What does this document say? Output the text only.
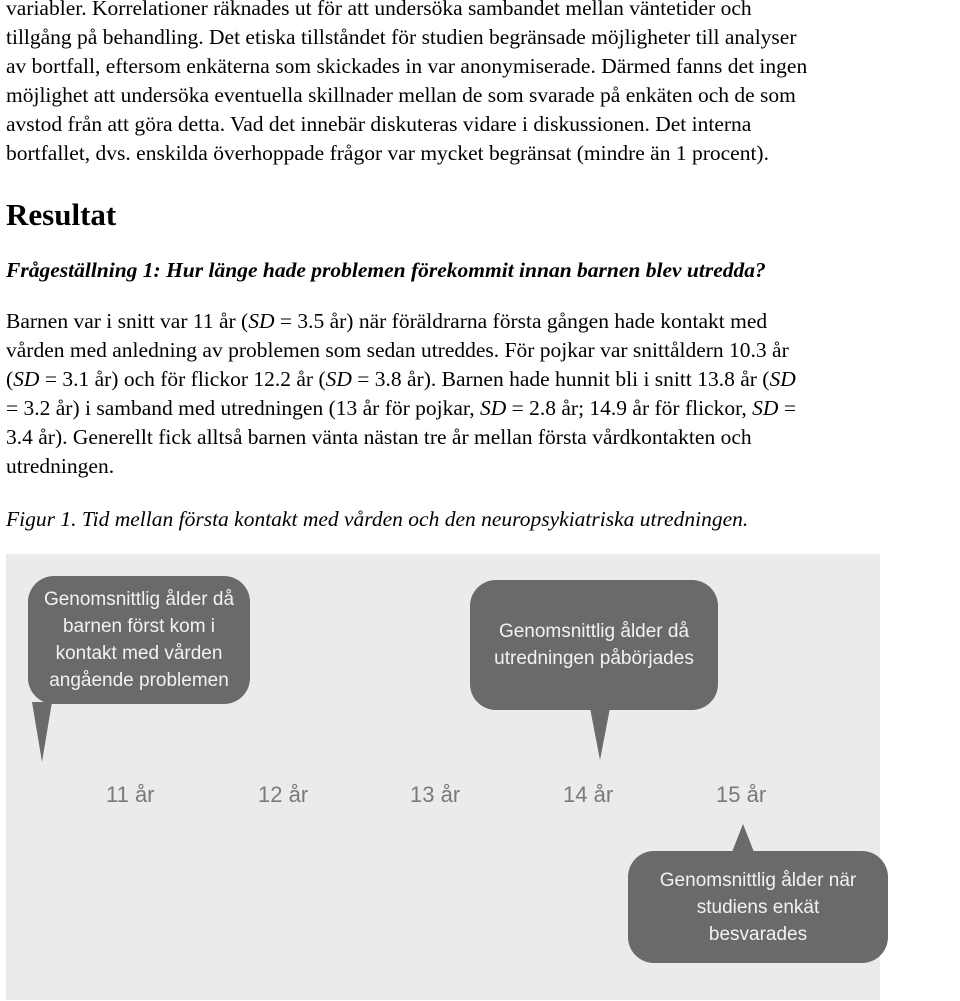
variabler. Korrelationer räknades ut för att undersöka sambandet mellan väntetider och

tillgång på behandling. Det etiska tillståndet för studien begränsade möjligheter till analyser

av bortfall, eftersom enkäterna som skickades in var anonymiserade. Därmed fanns det ingen

möjlighet att undersöka eventuella skillnader mellan de som svarade på enkäten och de som

avstod från att göra detta. Vad det innebär diskuteras vidare i diskussionen. Det interna

bortfallet, dvs. enskilda överhoppade frågor var mycket begränsat (mindre än 1 procent).

Resultat

Frågeställning 1: Hur länge hade problemen förekommit innan barnen blev utredda?

Barnen var i snitt var 11 år (SD = 3.5 år) när föräldrarna första gången hade kontakt med

vården med anledning av problemen som sedan utreddes. För pojkar var snittåldern 10.3 år

(SD = 3.1 år) och för flickor 12.2 år (SD = 3.8 år). Barnen hade hunnit bli i snitt 13.8 år (SD

= 3.2 år) i samband med utredningen (13 år för pojkar, SD = 2.8 år; 14.9 år för flickor, SD =

3.4 år). Generellt fick alltså barnen vänta nästan tre år mellan första vårdkontakten och

utredningen.

Figur 1. Tid mellan första kontakt med vården och den neuropsykiatriska utredningen.

Genomsnittlig ålder då
barnen först kom i
kontakt med vården
angående problemen
Genomsnittlig ålder då
utredningen påbörjades
11 år	12 år	13 år	14 år	15 år
Genomsnittlig ålder när
studiens enkät
besvarades
